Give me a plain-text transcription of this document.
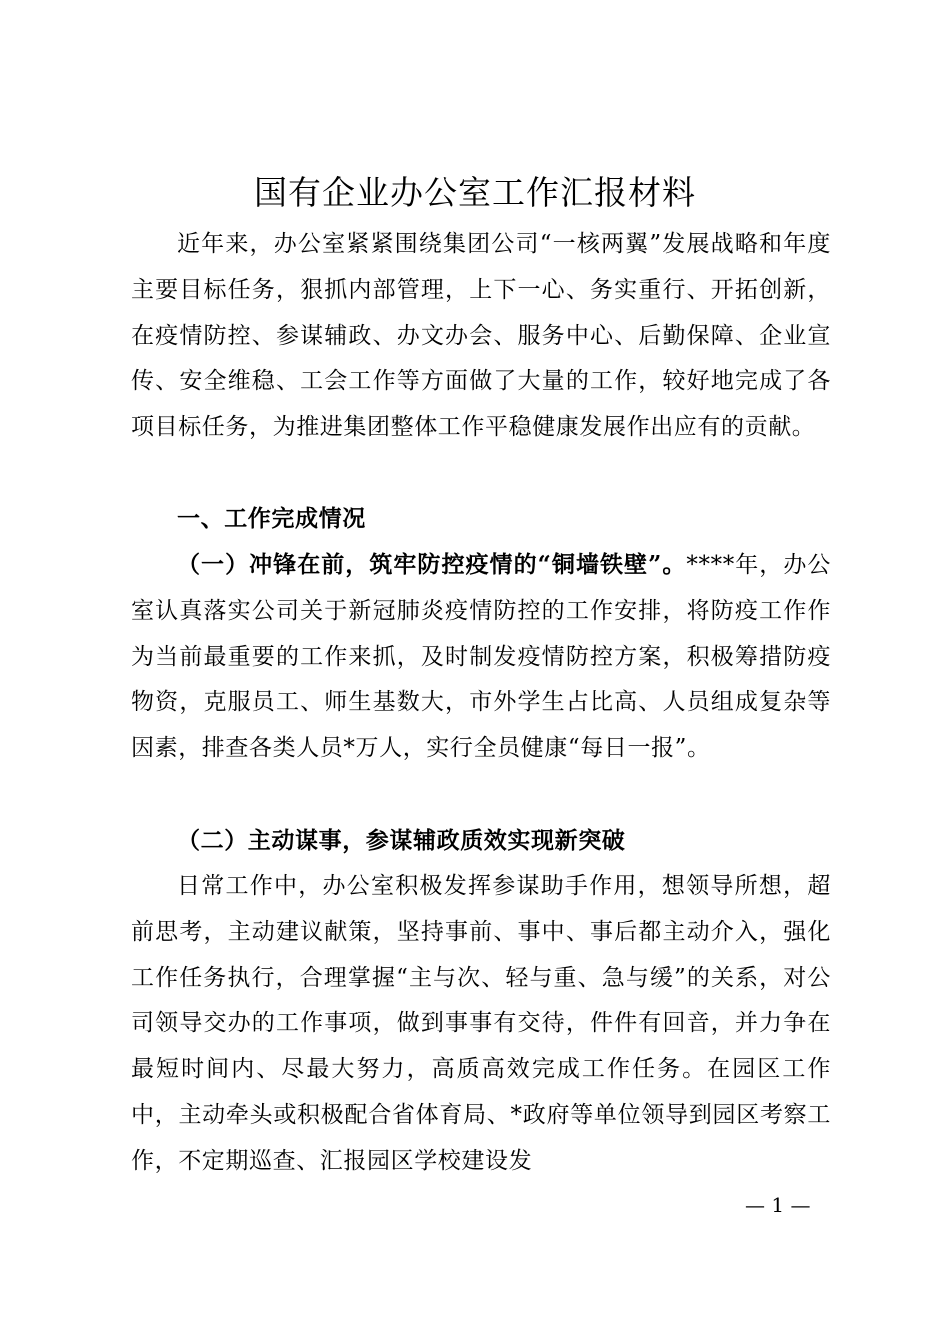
国有企业办公室工作汇报材料

近年来，办公室紧紧围绕集团公司“一核两翼”发展战略和年度主要目标任务，狠抓内部管理，上下一心、务实重行、开拓创新，在疫情防控、参谋辅政、办文办会、服务中心、后勤保障、企业宣传、安全维稳、工会工作等方面做了大量的工作，较好地完成了各项目标任务，为推进集团整体工作平稳健康发展作出应有的贡献。

一、工作完成情况

（一）冲锋在前，筑牢防控疫情的“铜墙铁壁”。****年，办公室认真落实公司关于新冠肺炎疫情防控的工作安排，将防疫工作作为当前最重要的工作来抓，及时制发疫情防控方案，积极筹措防疫物资，克服员工、师生基数大，市外学生占比高、人员组成复杂等因素，排查各类人员*万人，实行全员健康“每日一报”。

（二）主动谋事，参谋辅政质效实现新突破

日常工作中，办公室积极发挥参谋助手作用，想领导所想，超前思考，主动建议献策，坚持事前、事中、事后都主动介入，强化工作任务执行，合理掌握“主与次、轻与重、急与缓”的关系，对公司领导交办的工作事项，做到事事有交待，件件有回音，并力争在最短时间内、尽最大努力，高质高效完成工作任务。在园区工作中，主动牵头或积极配合省体育局、*政府等单位领导到园区考察工作，不定期巡查、汇报园区学校建设发

— 1 —
